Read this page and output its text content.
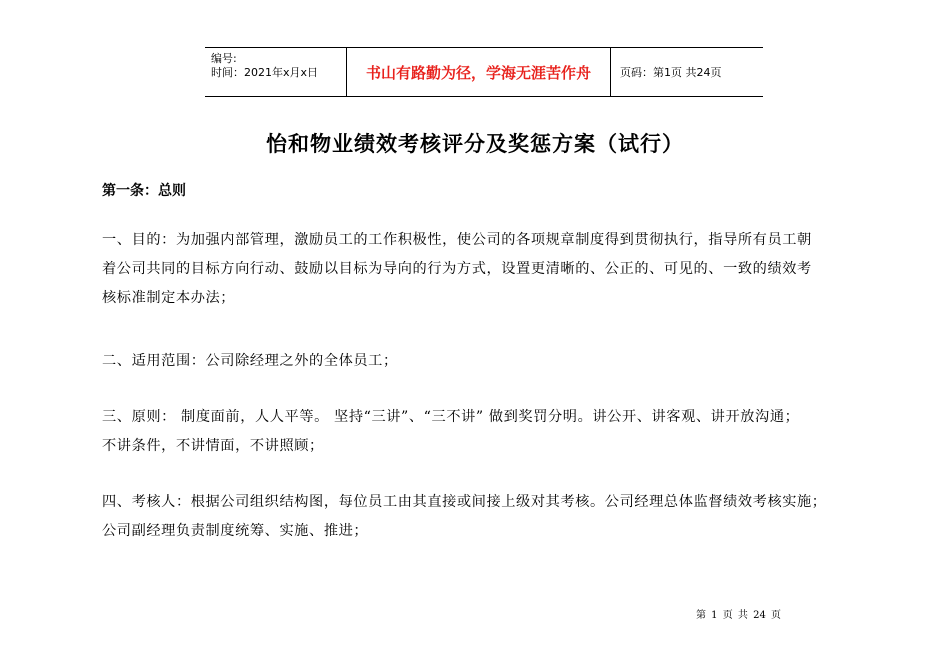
编号:
时间：2021年x月x日	书山有路勤为径，学海无涯苦作舟	页码：第1页 共24页
怡和物业绩效考核评分及奖惩方案（试行）
第一条：总则

一、目的：为加强内部管理，激励员工的工作积极性，使公司的各项规章制度得到贯彻执行，指导所有员工朝
着公司共同的目标方向行动、鼓励以目标为导向的行为方式，设置更清晰的、公正的、可见的、一致的绩效考
核标准制定本办法；

二、适用范围：公司除经理之外的全体员工；

三、原则： 制度面前，人人平等。 坚持“三讲”、“三不讲” 做到奖罚分明。讲公开、讲客观、讲开放沟通；
不讲条件，不讲情面，不讲照顾；

四、考核人：根据公司组织结构图，每位员工由其直接或间接上级对其考核。公司经理总体监督绩效考核实施；
公司副经理负责制度统筹、实施、推进；

第 1 页 共 24 页
